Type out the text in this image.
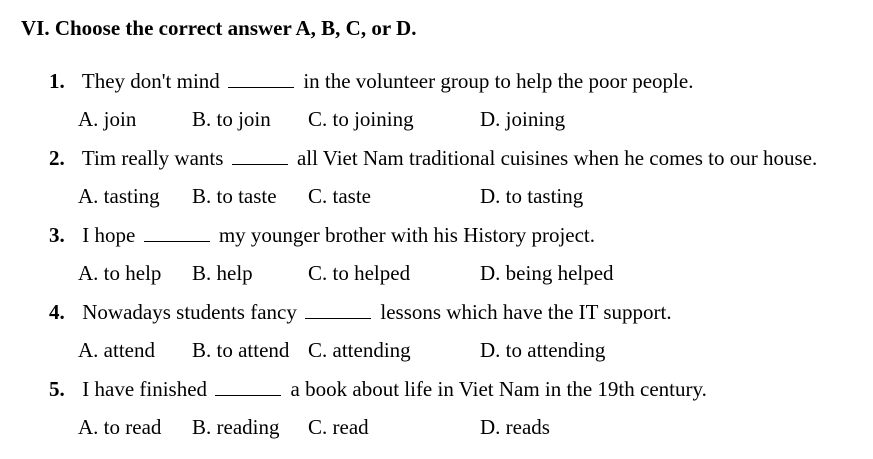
VI. Choose the correct answer A, B, C, or D.
1. They don't mind	in the volunteer group to help the poor people.
A. join	B. to join C. to joining	D. joining
2. Tim really wants	all Viet Nam traditional cuisines when he comes to our house.
A. tasting B. to taste C. taste	D. to tasting
3. I hope	my younger brother with his History project.
A. to help B. help	C. to helped	D. being helped
4. Nowadays students fancy	lessons which have the IT support.
A. attend B. to attend C. attending	D. to attending
5. I have finished	a book about life in Viet Nam in the 19th century.
A. to read B. reading C. read	D. reads
